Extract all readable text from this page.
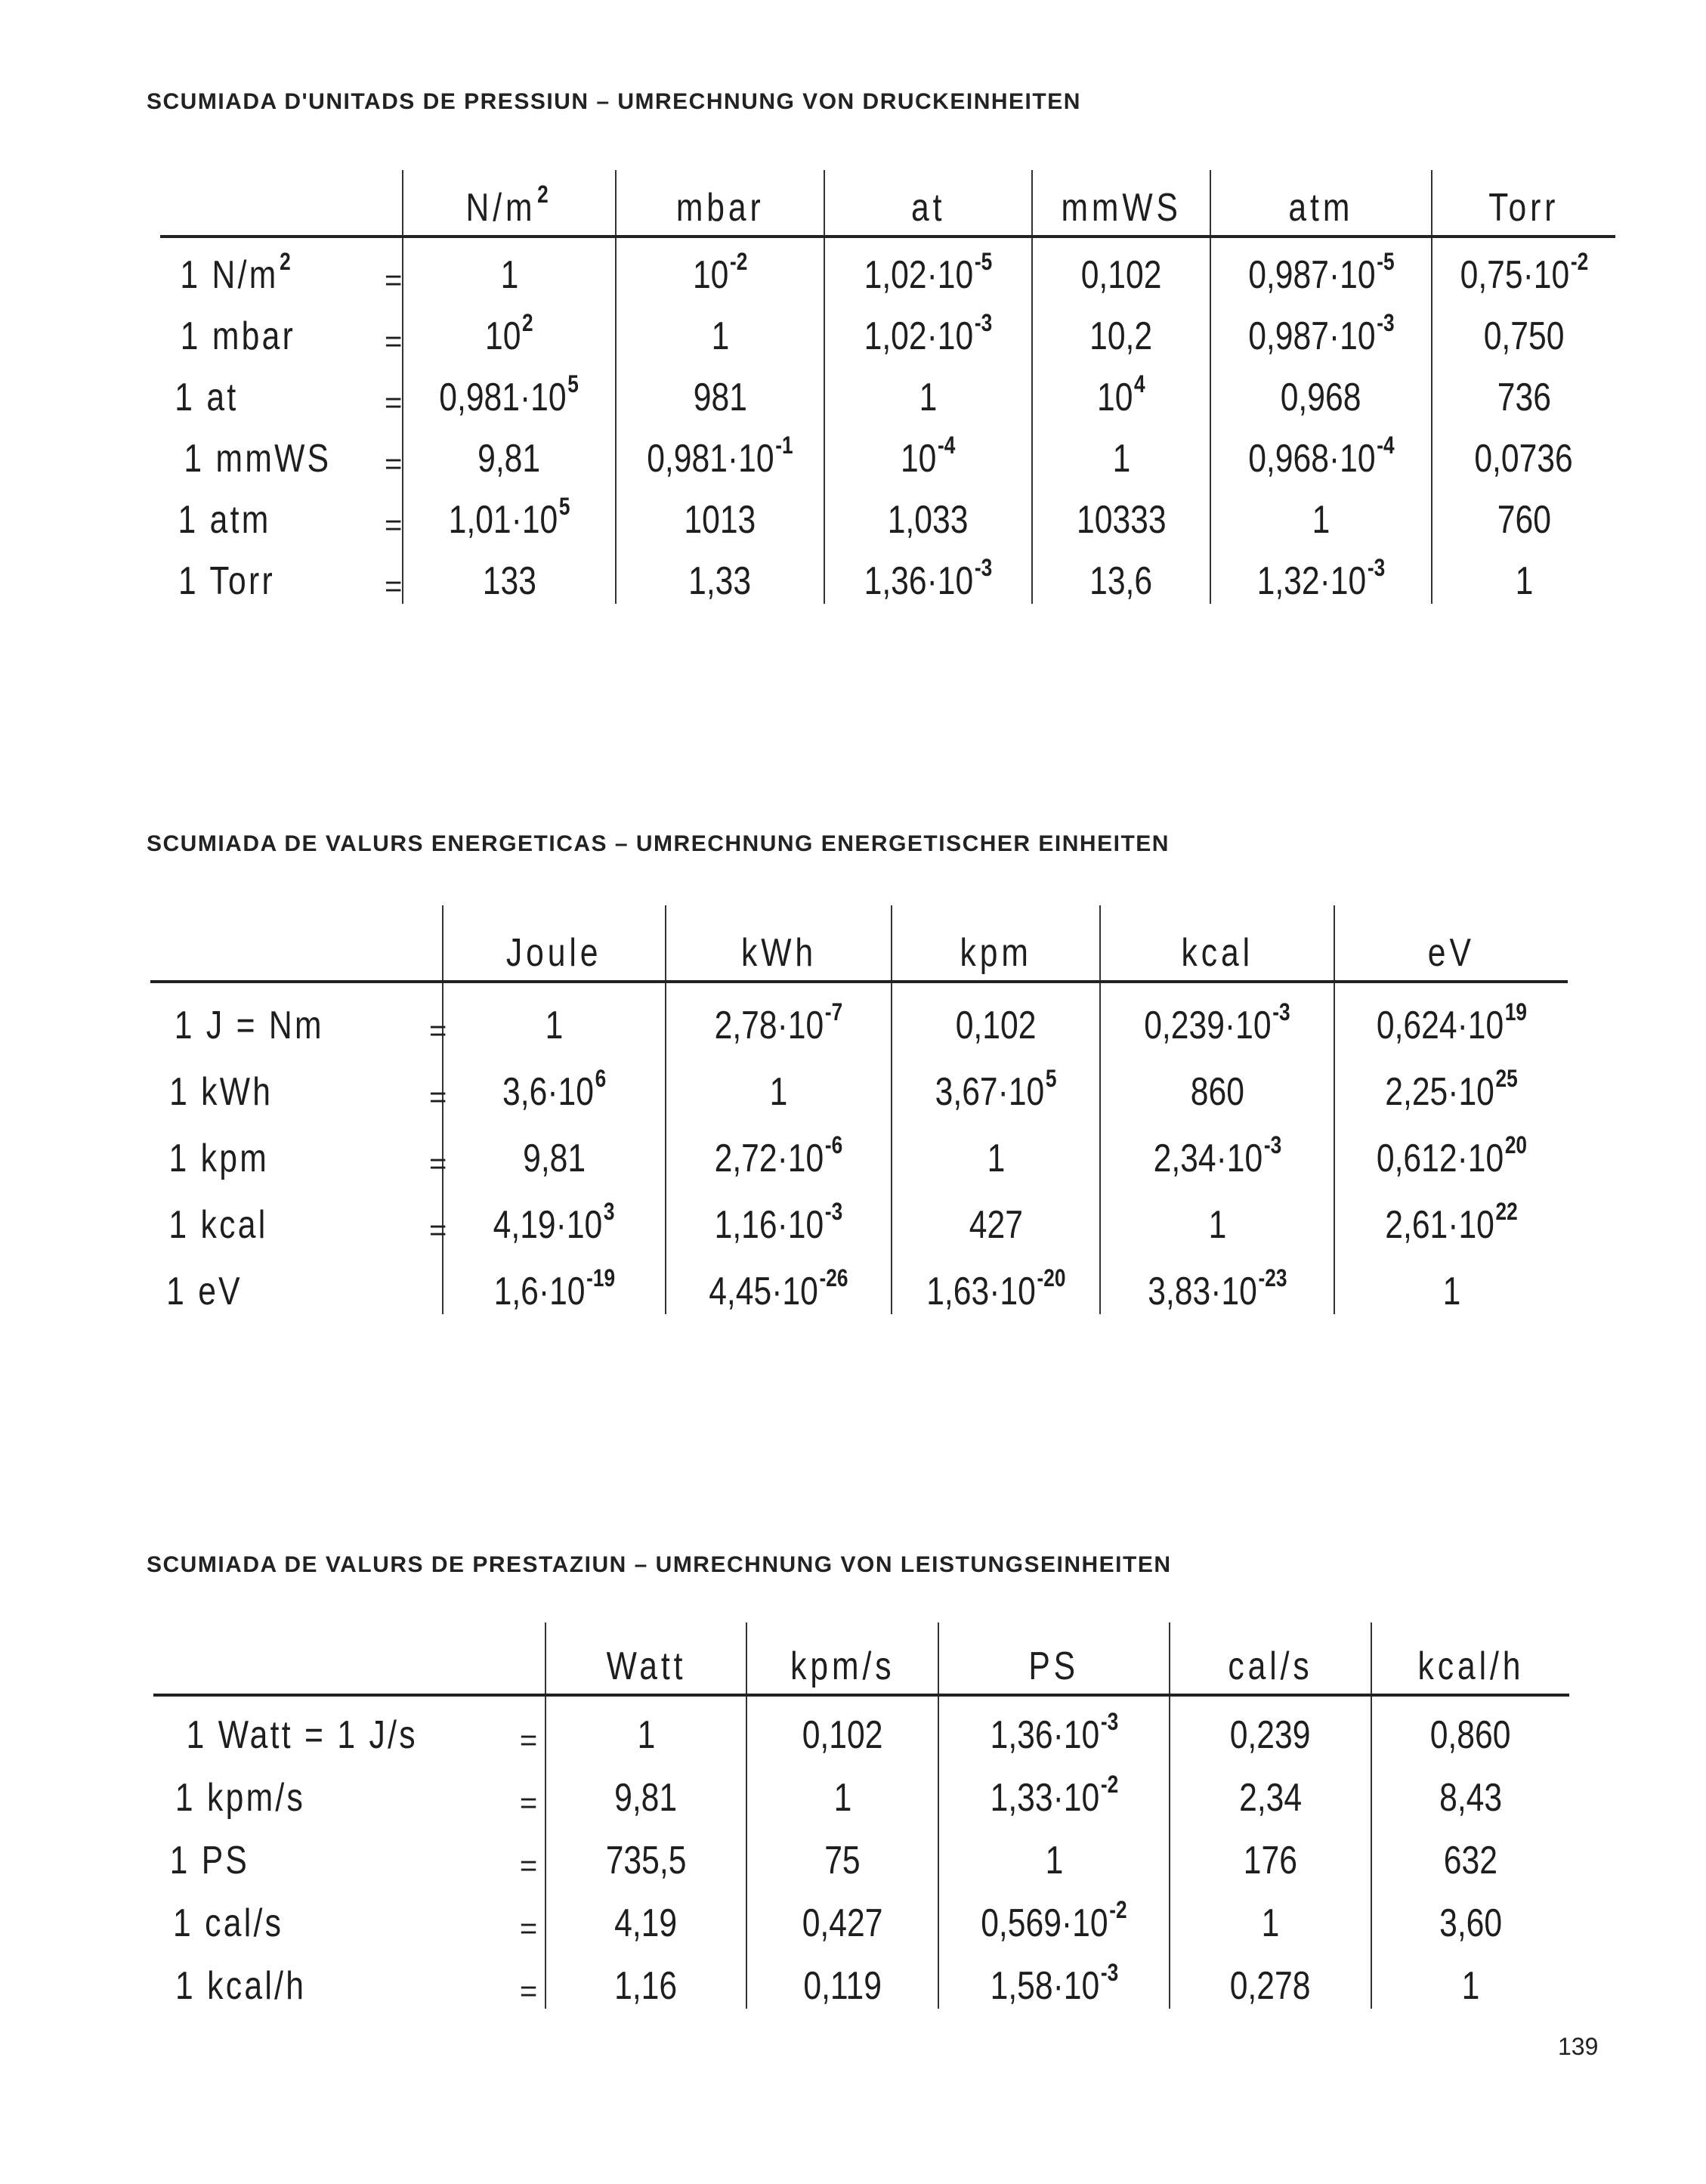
SCUMIADA D'UNITADS DE PRESSIUN – UMRECHNUNG VON DRUCKEINHEITEN
		$N/m^2$	mbar	at	mmWS	atm	Torr
1 $N/m^2$	=	1	$10^{-2}$	$1,02\cdot 10^{-5}$	0,102	$0,987\cdot 10^{-5}$	$0,75\cdot 10^{-2}$
1 mbar	=	$10^2$	1	$1,02\cdot 10^{-3}$	10,2	$0,987\cdot 10^{-3}$	0,750
1 at	=	$0,981\cdot 10^5$	981	1	$10^4$	0,968	736
1 mmWS	=	9,81	$0,981\cdot 10^{-1}$	$10^{-4}$	1	$0,968\cdot 10^{-4}$	0,0736
1 atm	=	$1,01\cdot 10^5$	1013	1,033	10333	1	760
1 Torr	=	133	1,33	$1,36\cdot 10^{-3}$	13,6	$1,32\cdot 10^{-3}$	1
SCUMIADA DE VALURS ENERGETICAS – UMRECHNUNG ENERGETISCHER EINHEITEN
		Joule	kWh	kpm	kcal	eV
1 J = Nm	=	1	$2,78\cdot 10^{-7}$	0,102	$0,239\cdot 10^{-3}$	$0,624\cdot 10^{19}$
1 kWh	=	$3,6\cdot 10^6$	1	$3,67\cdot 10^5$	860	$2,25\cdot 10^{25}$
1 kpm	=	9,81	$2,72\cdot 10^{-6}$	1	$2,34\cdot 10^{-3}$	$0,612\cdot 10^{20}$
1 kcal	=	$4,19\cdot 10^3$	$1,16\cdot 10^{-3}$	427	1	$2,61\cdot 10^{22}$
1 eV		$1,6\cdot 10^{-19}$	$4,45\cdot 10^{-26}$	$1,63\cdot 10^{-20}$	$3,83\cdot 10^{-23}$	1
SCUMIADA DE VALURS DE PRESTAZIUN – UMRECHNUNG VON LEISTUNGSEINHEITEN
		Watt	kpm/s	PS	cal/s	kcal/h
1 Watt = 1 J/s	=	1	0,102	$1,36\cdot 10^{-3}$	0,239	0,860
1 kpm/s	=	9,81	1	$1,33\cdot 10^{-2}$	2,34	8,43
1 PS	=	735,5	75	1	176	632
1 cal/s	=	4,19	0,427	$0,569\cdot 10^{-2}$	1	3,60
1 kcal/h	=	1,16	0,119	$1,58\cdot 10^{-3}$	0,278	1
139
